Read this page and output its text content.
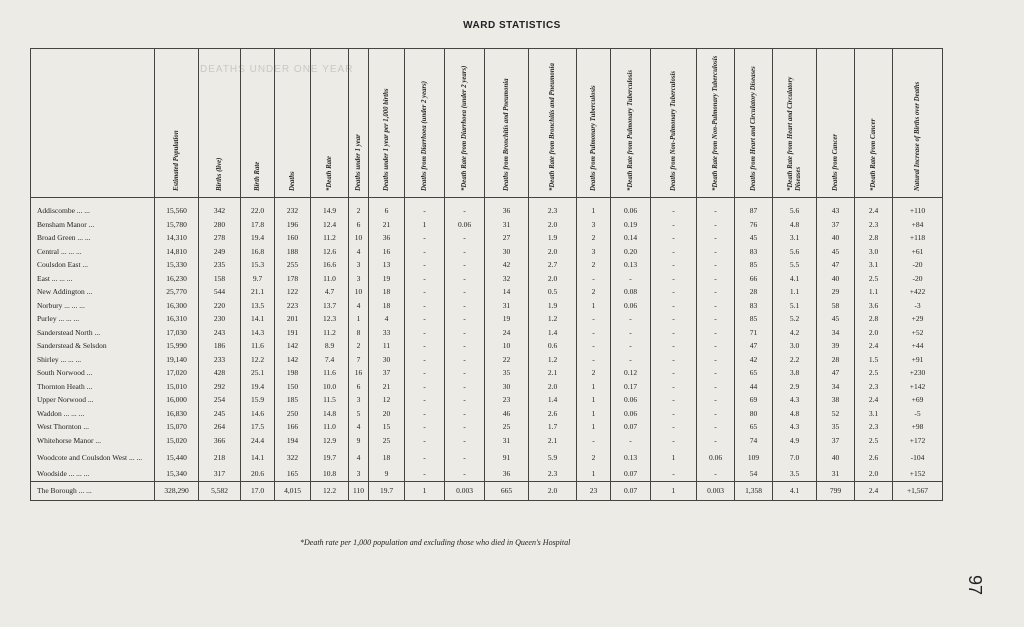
DEATHS UNDER ONE YEAR
WARD STATISTICS

	Estimated Population	Births (live)	Birth Rate	Deaths	*Death Rate	Deaths under 1 year	Deaths under 1 year per 1,000 births	Deaths from Diarrhoea (under 2 years)	*Death Rate from Diarrhoea (under 2 years)	Deaths from Bronchitis and Pneumonia	*Death Rate from Bronchitis and Pneumonia	Deaths from Pulmonary Tuberculosis	*Death Rate from Pulmonary Tuberculosis	Deaths from Non-Pulmonary Tuberculosis	*Death Rate from Non-Pulmonary Tuberculosis	Deaths from Heart and Circulatory Diseases	*Death Rate from Heart and Circulatory Diseases	Deaths from Cancer	*Death Rate from Cancer	Natural Increase of Births over Deaths

Addiscombe ... ...	15,560	342	22.0	232	14.9	2	6	-	-	36	2.3	1	0.06	-	-	87	5.6	43	2.4	+110
Bensham Manor ...	15,780	280	17.8	196	12.4	6	21	1	0.06	31	2.0	3	0.19	-	-	76	4.8	37	2.3	+84
Broad Green ... ...	14,310	278	19.4	160	11.2	10	36	-	-	27	1.9	2	0.14	-	-	45	3.1	40	2.8	+118
Central ... ... ...	14,810	249	16.8	188	12.6	4	16	-	-	30	2.0	3	0.20	-	-	83	5.6	45	3.0	+61
Coulsdon East ...	15,330	235	15.3	255	16.6	3	13	-	-	42	2.7	2	0.13	-	-	85	5.5	47	3.1	-20
East ... ... ...	16,230	158	9.7	178	11.0	3	19	-	-	32	2.0	-	-	-	-	66	4.1	40	2.5	-20
New Addington ...	25,770	544	21.1	122	4.7	10	18	-	-	14	0.5	2	0.08	-	-	28	1.1	29	1.1	+422
Norbury ... ... ...	16,300	220	13.5	223	13.7	4	18	-	-	31	1.9	1	0.06	-	-	83	5.1	58	3.6	-3
Purley ... ... ...	16,310	230	14.1	201	12.3	1	4	-	-	19	1.2	-	-	-	-	85	5.2	45	2.8	+29
Sanderstead North ...	17,030	243	14.3	191	11.2	8	33	-	-	24	1.4	-	-	-	-	71	4.2	34	2.0	+52
Sanderstead & Selsdon	15,990	186	11.6	142	8.9	2	11	-	-	10	0.6	-	-	-	-	47	3.0	39	2.4	+44
Shirley ... ... ...	19,140	233	12.2	142	7.4	7	30	-	-	22	1.2	-	-	-	-	42	2.2	28	1.5	+91
South Norwood ...	17,020	428	25.1	198	11.6	16	37	-	-	35	2.1	2	0.12	-	-	65	3.8	47	2.5	+230
Thornton Heath ...	15,010	292	19.4	150	10.0	6	21	-	-	30	2.0	1	0.17	-	-	44	2.9	34	2.3	+142
Upper Norwood ...	16,000	254	15.9	185	11.5	3	12	-	-	23	1.4	1	0.06	-	-	69	4.3	38	2.4	+69
Waddon ... ... ...	16,830	245	14.6	250	14.8	5	20	-	-	46	2.6	1	0.06	-	-	80	4.8	52	3.1	-5
West Thornton ...	15,070	264	17.5	166	11.0	4	15	-	-	25	1.7	1	0.07	-	-	65	4.3	35	2.3	+98
Whitehorse Manor ...	15,020	366	24.4	194	12.9	9	25	-	-	31	2.1	-	-	-	-	74	4.9	37	2.5	+172
Woodcote and Coulsdon West ... ...	15,440	218	14.1	322	19.7	4	18	-	-	91	5.9	2	0.13	1	0.06	109	7.0	40	2.6	-104
Woodside ... ... ...	15,340	317	20.6	165	10.8	3	9	-	-	36	2.3	1	0.07	-	-	54	3.5	31	2.0	+152
The Borough ... ...	328,290	5,582	17.0	4,015	12.2	110	19.7	1	0.003	665	2.0	23	0.07	1	0.003	1,358	4.1	799	2.4	+1,567
*Death rate per 1,000 population and excluding those who died in Queen's Hospital
97
